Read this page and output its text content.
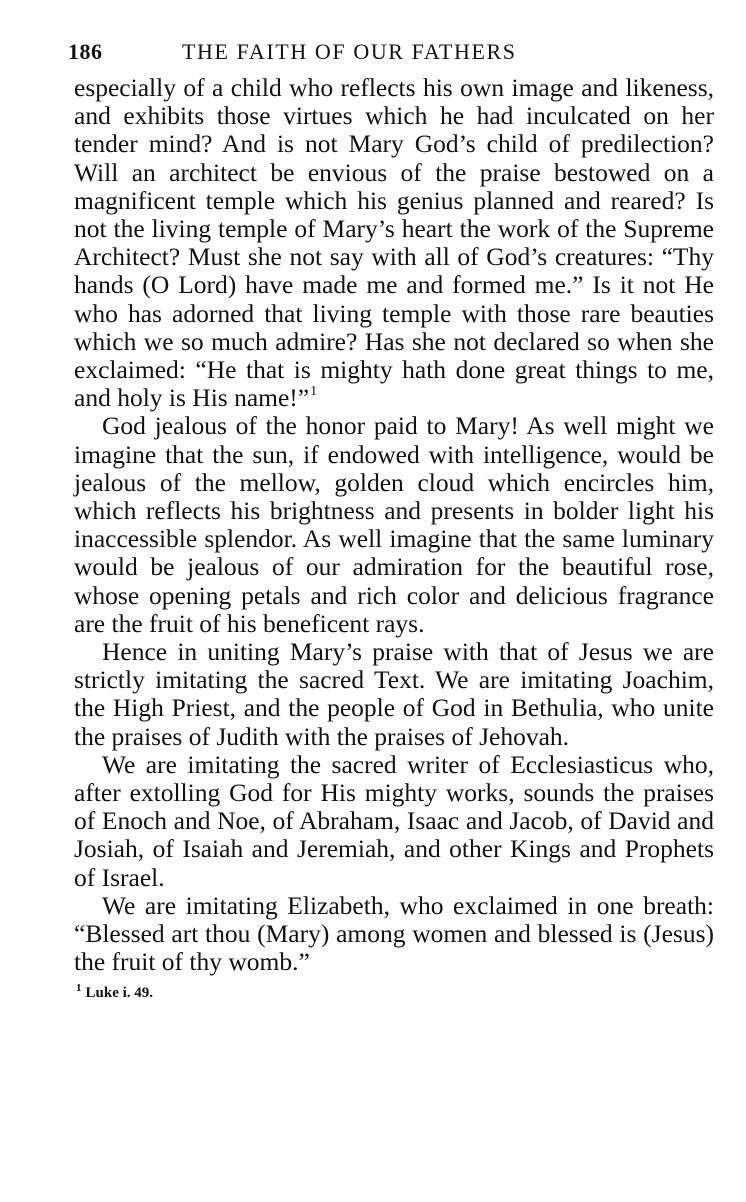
186	THE FAITH OF OUR FATHERS

especially of a child who reflects his own image and likeness, and exhibits those virtues which he had inculcated on her tender mind? And is not Mary God’s child of predilection? Will an architect be envious of the praise bestowed on a magnificent temple which his genius planned and reared? Is not the living temple of Mary’s heart the work of the Supreme Architect? Must she not say with all of God’s creatures: “Thy hands (O Lord) have made me and formed me.” Is it not He who has adorned that living temple with those rare beauties which we so much admire? Has she not declared so when she exclaimed: “He that is mighty hath done great things to me, and holy is His name!”$^1$

God jealous of the honor paid to Mary! As well might we imagine that the sun, if endowed with intelligence, would be jealous of the mellow, golden cloud which encircles him, which reflects his brightness and presents in bolder light his inaccessible splendor. As well imagine that the same luminary would be jealous of our admiration for the beautiful rose, whose opening petals and rich color and delicious fragrance are the fruit of his beneficent rays.

Hence in uniting Mary’s praise with that of Jesus we are strictly imitating the sacred Text. We are imitating Joachim, the High Priest, and the people of God in Bethulia, who unite the praises of Judith with the praises of Jehovah.

We are imitating the sacred writer of Ecclesiasticus who, after extolling God for His mighty works, sounds the praises of Enoch and Noe, of Abraham, Isaac and Jacob, of David and Josiah, of Isaiah and Jeremiah, and other Kings and Prophets of Israel.

We are imitating Elizabeth, who exclaimed in one breath: “Blessed art thou (Mary) among women and blessed is (Jesus) the fruit of thy womb.”

$^1$ Luke i. 49.
